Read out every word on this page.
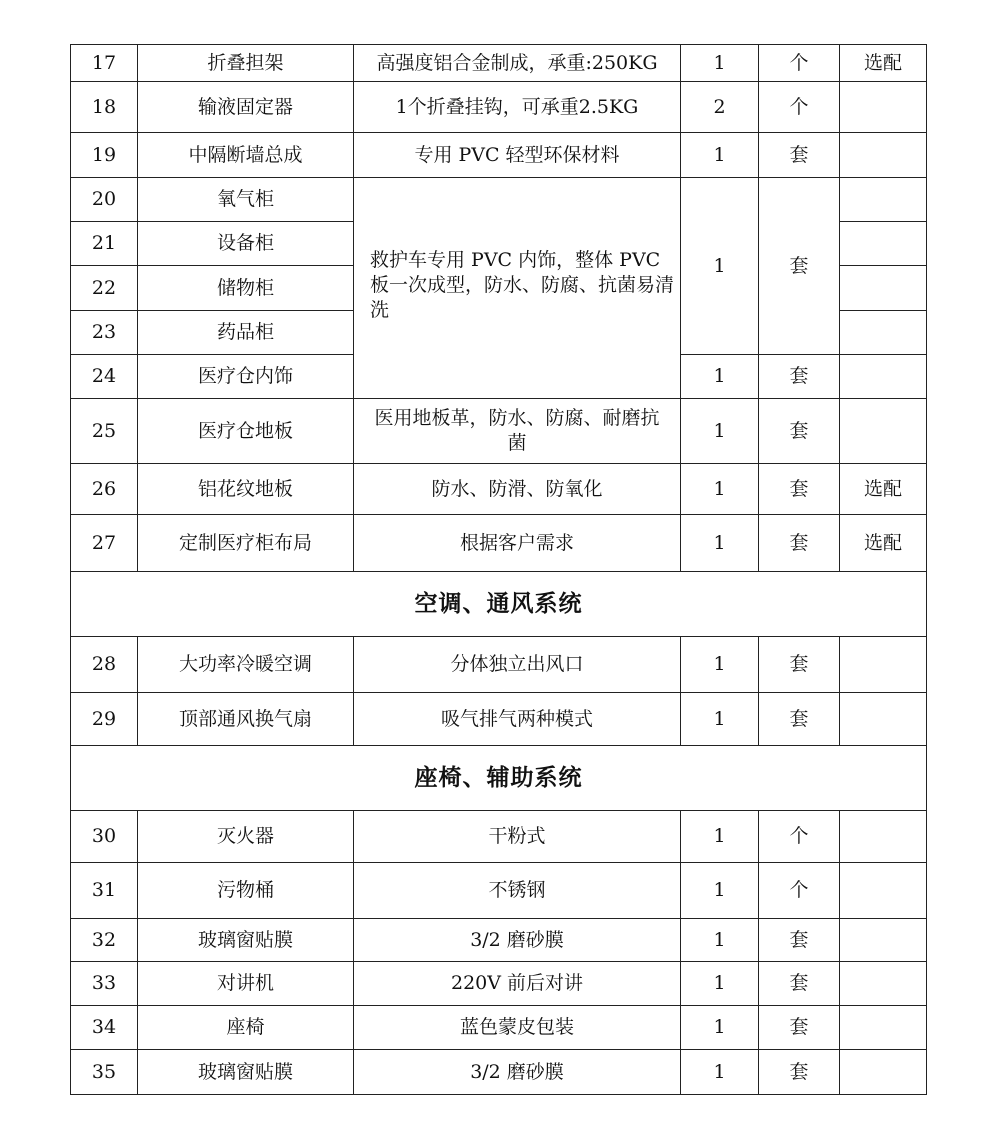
17	折叠担架	高强度铝合金制成，承重:250KG	1	个	选配
18	输液固定器	1个折叠挂钩，可承重2.5KG	2	个	
19	中隔断墙总成	专用 PVC 轻型环保材料	1	套	
20	氧气柜	救护车专用 PVC 内饰，整体 PVC 板一次成型，防水、防腐、抗菌易清洗	1	套	
21	设备柜				
22	储物柜				
23	药品柜				
24	医疗仓内饰		1	套	
25	医疗仓地板	医用地板革，防水、防腐、耐磨抗菌	1	套	
26	铝花纹地板	防水、防滑、防氧化	1	套	选配
27	定制医疗柜布局	根据客户需求	1	套	选配
空调、通风系统					
28	大功率冷暖空调	分体独立出风口	1	套	
29	顶部通风换气扇	吸气排气两种模式	1	套	
座椅、辅助系统					
30	灭火器	干粉式	1	个	
31	污物桶	不锈钢	1	个	
32	玻璃窗贴膜	3/2 磨砂膜	1	套	
33	对讲机	220V 前后对讲	1	套	
34	座椅	蓝色蒙皮包装	1	套	
35	玻璃窗贴膜	3/2 磨砂膜	1	套	
